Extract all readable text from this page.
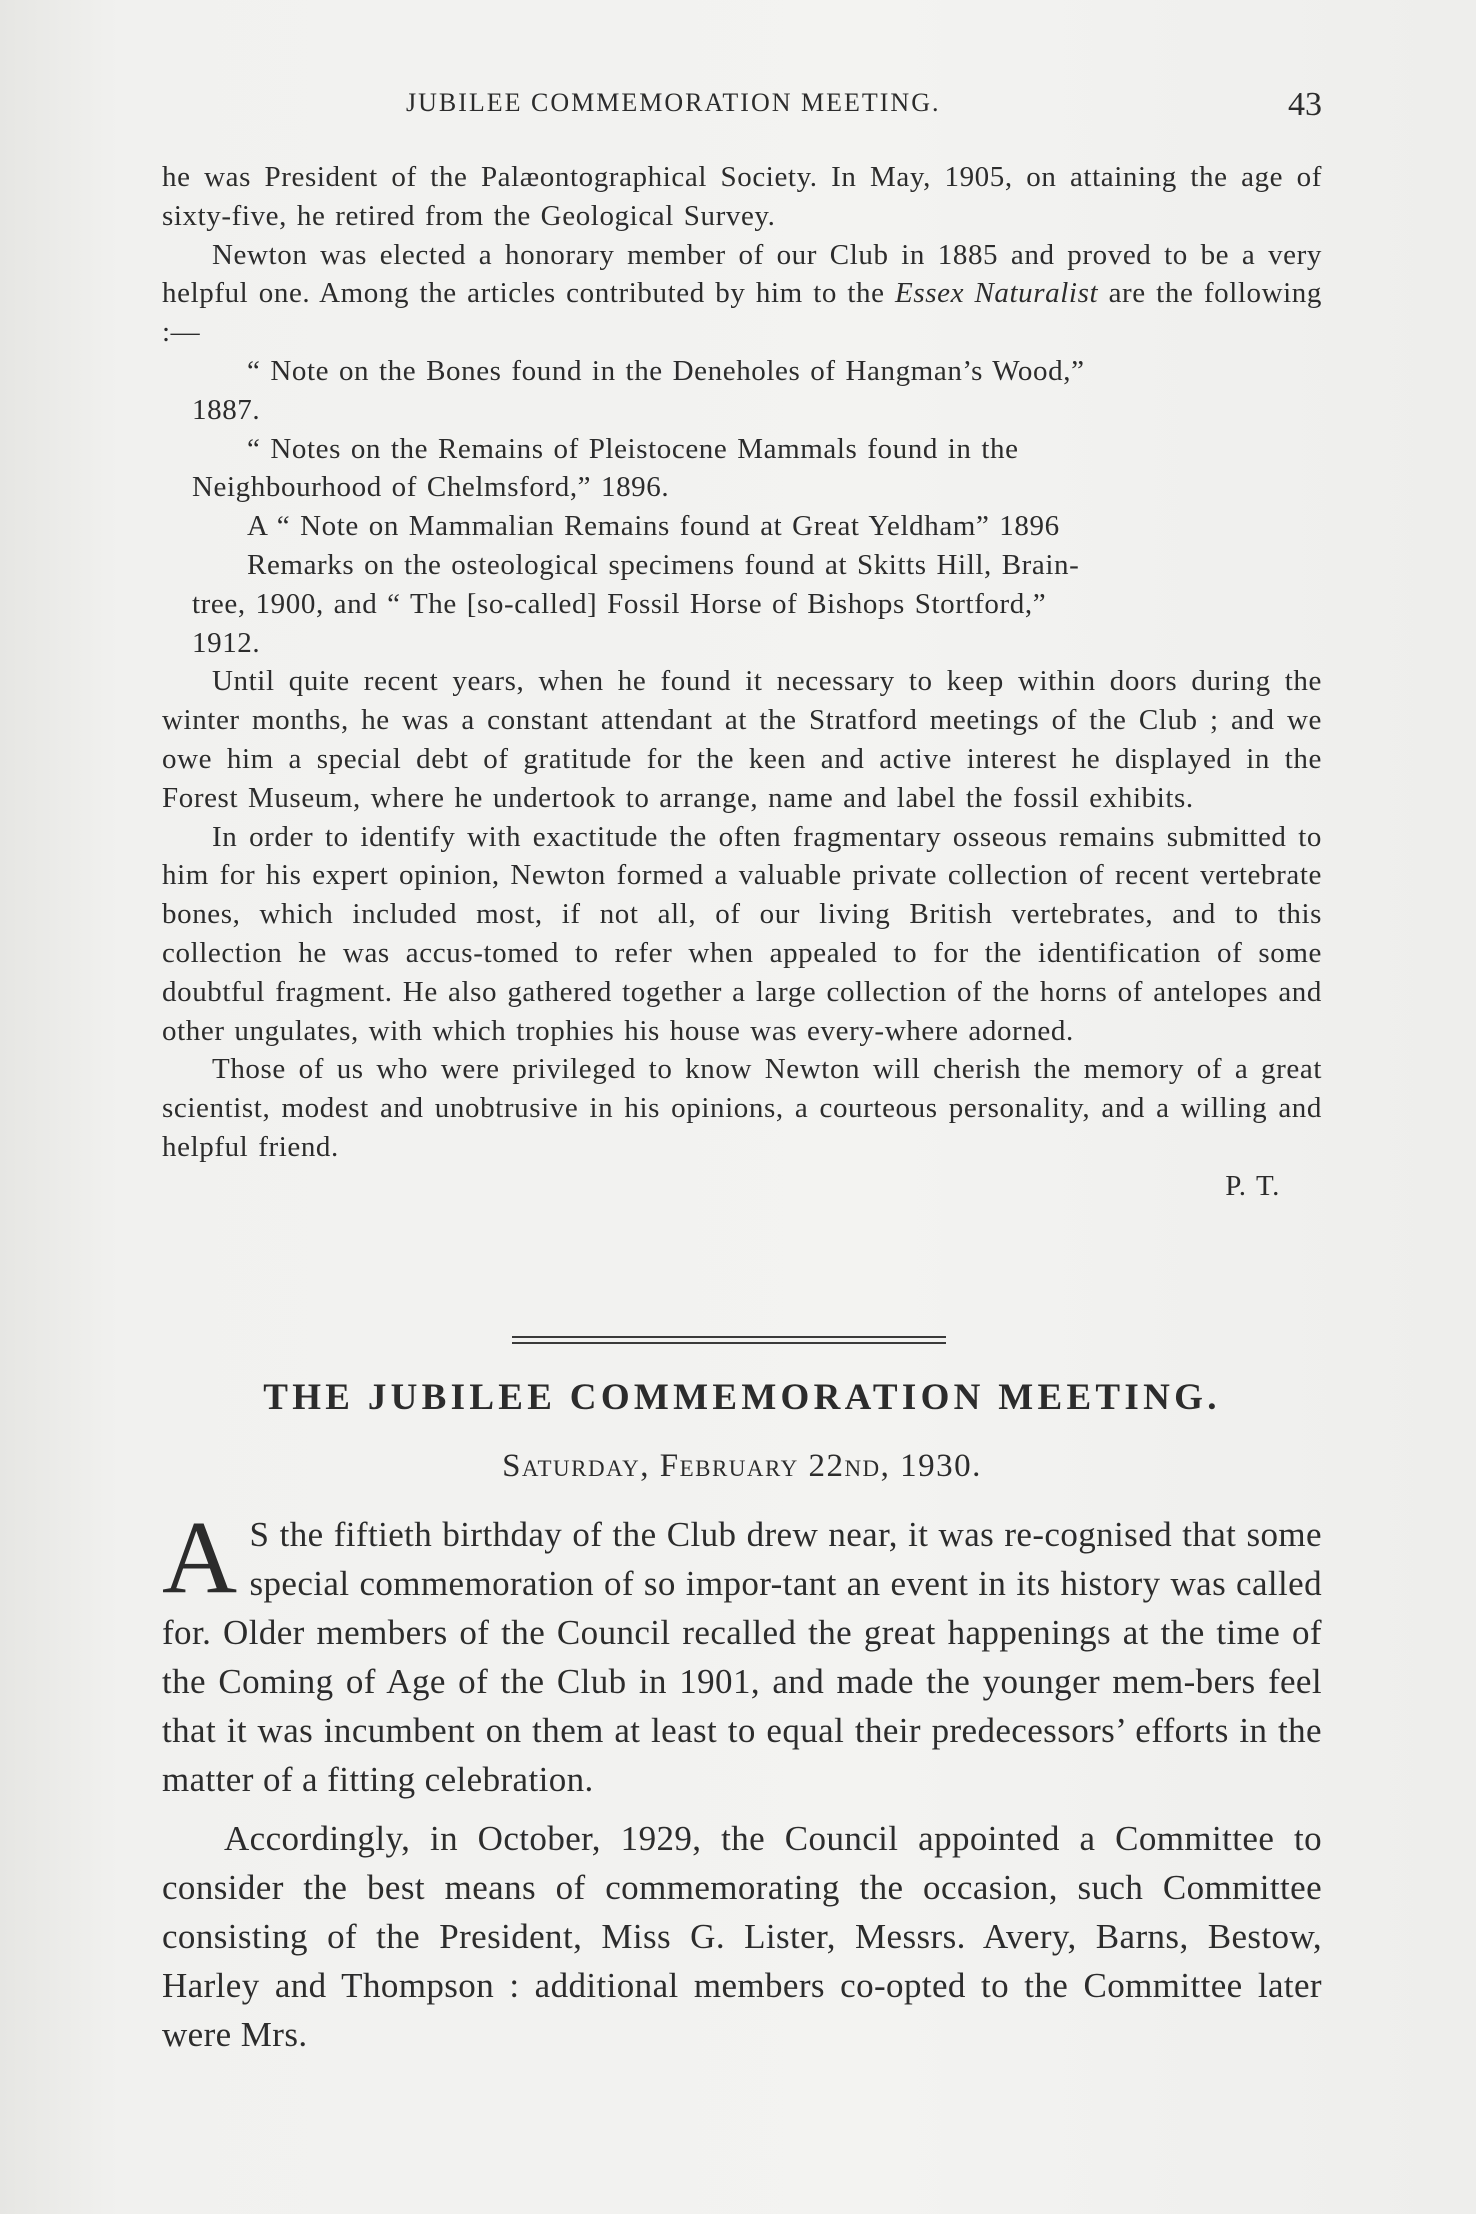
JUBILEE COMMEMORATION MEETING.	43

he was President of the Palæontographical Society. In May, 1905, on attaining the age of sixty-five, he retired from the Geological Survey.

Newton was elected a honorary member of our Club in 1885 and proved to be a very helpful one. Among the articles contributed by him to the Essex Naturalist are the following :—

“ Note on the Bones found in the Deneholes of Hangman’s Wood,”

1887.

“ Notes on the Remains of Pleistocene Mammals found in the

Neighbourhood of Chelmsford,” 1896.

A “ Note on Mammalian Remains found at Great Yeldham” 1896

Remarks on the osteological specimens found at Skitts Hill, Brain-

tree, 1900, and “ The [so-called] Fossil Horse of Bishops Stortford,”

1912.

Until quite recent years, when he found it necessary to keep within doors during the winter months, he was a constant attendant at the Stratford meetings of the Club ; and we owe him a special debt of gratitude for the keen and active interest he displayed in the Forest Museum, where he undertook to arrange, name and label the fossil exhibits.

In order to identify with exactitude the often fragmentary osseous remains submitted to him for his expert opinion, Newton formed a valuable private collection of recent vertebrate bones, which included most, if not all, of our living British vertebrates, and to this collection he was accus-tomed to refer when appealed to for the identification of some doubtful fragment. He also gathered together a large collection of the horns of antelopes and other ungulates, with which trophies his house was every-where adorned.

Those of us who were privileged to know Newton will cherish the memory of a great scientist, modest and unobtrusive in his opinions, a courteous personality, and a willing and helpful friend.

P. T.

THE JUBILEE COMMEMORATION MEETING.
Saturday, February 22nd, 1930.

A S the fiftieth birthday of the Club drew near, it was re-cognised that some special commemoration of so impor-tant an event in its history was called for. Older members of the Council recalled the great happenings at the time of the Coming of Age of the Club in 1901, and made the younger mem-bers feel that it was incumbent on them at least to equal their predecessors’ efforts in the matter of a fitting celebration.

Accordingly, in October, 1929, the Council appointed a Committee to consider the best means of commemorating the occasion, such Committee consisting of the President, Miss G. Lister, Messrs. Avery, Barns, Bestow, Harley and Thompson : additional members co-opted to the Committee later were Mrs.
